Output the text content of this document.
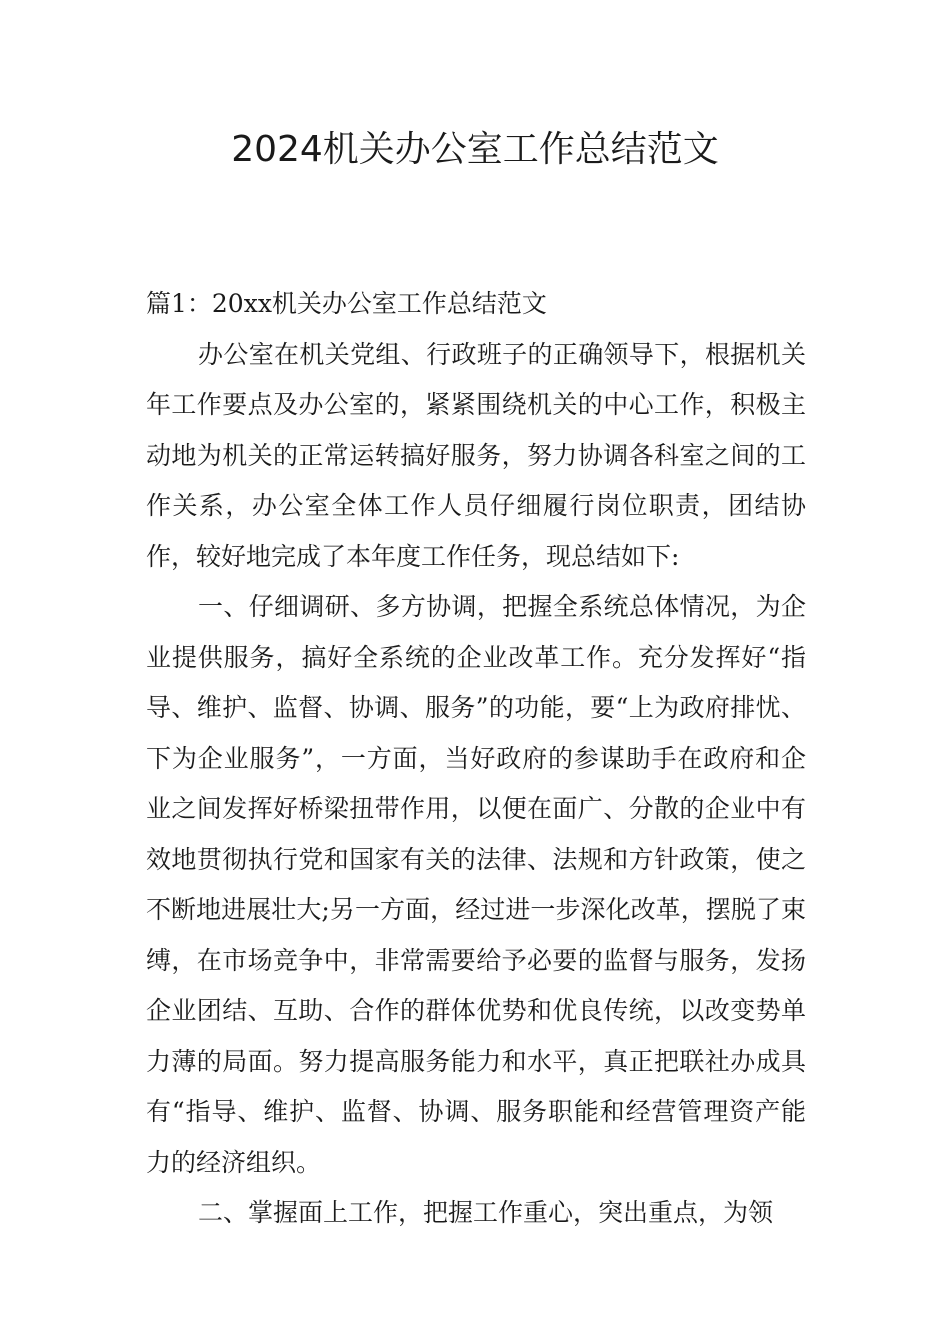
2024机关办公室工作总结范文

篇1：20xx机关办公室工作总结范文

办公室在机关党组、行政班子的正确领导下，根据机关年工作要点及办公室的，紧紧围绕机关的中心工作，积极主动地为机关的正常运转搞好服务，努力协调各科室之间的工作关系，办公室全体工作人员仔细履行岗位职责，团结协作，较好地完成了本年度工作任务，现总结如下:

一、仔细调研、多方协调，把握全系统总体情况，为企业提供服务，搞好全系统的企业改革工作。充分发挥好“指导、维护、监督、协调、服务”的功能，要“上为政府排忧、下为企业服务”，一方面，当好政府的参谋助手在政府和企业之间发挥好桥梁扭带作用，以便在面广、分散的企业中有效地贯彻执行党和国家有关的法律、法规和方针政策，使之不断地进展壮大;另一方面，经过进一步深化改革，摆脱了束缚，在市场竞争中，非常需要给予必要的监督与服务，发扬企业团结、互助、合作的群体优势和优良传统，以改变势单力薄的局面。努力提高服务能力和水平，真正把联社办成具有“指导、维护、监督、协调、服务职能和经营管理资产能力的经济组织。

二、掌握面上工作，把握工作重心，突出重点，为领
